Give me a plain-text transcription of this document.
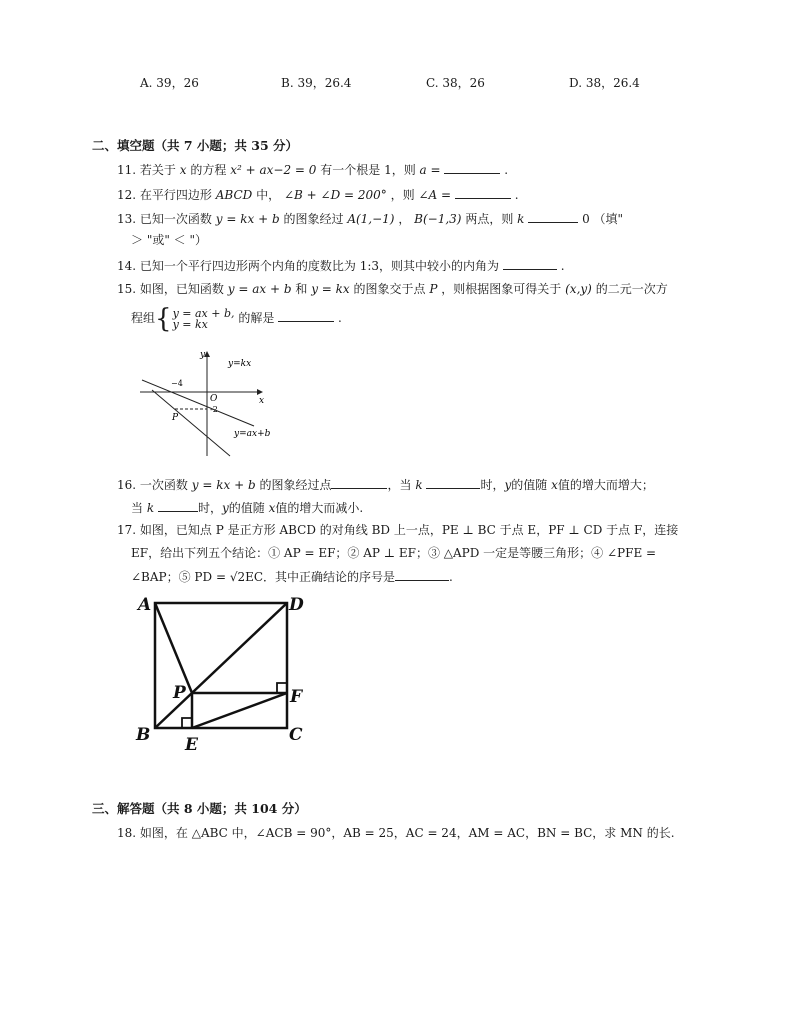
A. 39，26	B. 39，26.4	C. 38，26	D. 38，26.4
二、填空题（共 7 小题；共 35 分）
11. 若关于 x 的方程 x² + ax−2 = 0 有一个根是 1，则 a =	.
12. 在平行四边形 ABCD 中， ∠B + ∠D = 200° ，则 ∠A =	.
13. 已知一次函数 y = kx + b 的图象经过 A(1,−1) ， B(−1,3) 两点，则 k	0 （填"
＞ "或" ＜ "）
14. 已知一个平行四边形两个内角的度数比为 1:3，则其中较小的内角为	.
15. 如图，已知函数 y = ax + b 和 y = kx 的图象交于点 P ，则根据图象可得关于 (x,y) 的二元一次方
程组{y = ax + b,
y = kx	的解是	.
y
x
O
−4
-2
P
y=kx
y=ax+b
16. 一次函数 y = kx + b 的图象经过点	，当 k	时，y的值随 x值的增大而增大；
当 k	时，y的值随 x值的增大而减小.
17. 如图，已知点 P 是正方形 ABCD 的对角线 BD 上一点，PE ⊥ BC 于点 E，PF ⊥ CD 于点 F，连接
EF，给出下列五个结论：① AP = EF；② AP ⊥ EF；③ △APD 一定是等腰三角形；④ ∠PFE =
∠BAP；⑤ PD = √2EC．其中正确结论的序号是	.
A	D
P	F
B E	C
三、解答题（共 8 小题；共 104 分）
18. 如图，在 △ABC 中，∠ACB = 90°，AB = 25，AC = 24，AM = AC，BN = BC，求 MN 的长.
